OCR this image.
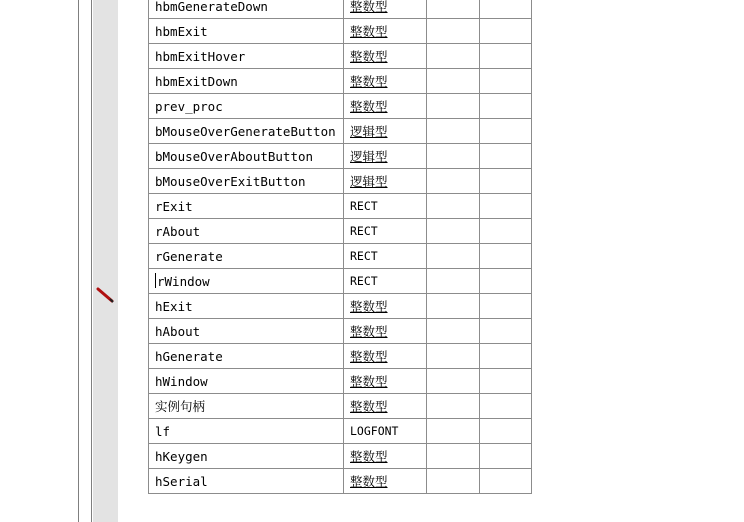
hbmGenerateDown	整数型		
hbmExit	整数型		
hbmExitHover	整数型		
hbmExitDown	整数型		
prev_proc	整数型		
bMouseOverGenerateButton	逻辑型		
bMouseOverAboutButton	逻辑型		
bMouseOverExitButton	逻辑型		
rExit	RECT		
rAbout	RECT		
rGenerate	RECT		
rWindow	RECT		
hExit	整数型		
hAbout	整数型		
hGenerate	整数型		
hWindow	整数型		
实例句柄	整数型		
lf	LOGFONT		
hKeygen	整数型		
hSerial	整数型		
